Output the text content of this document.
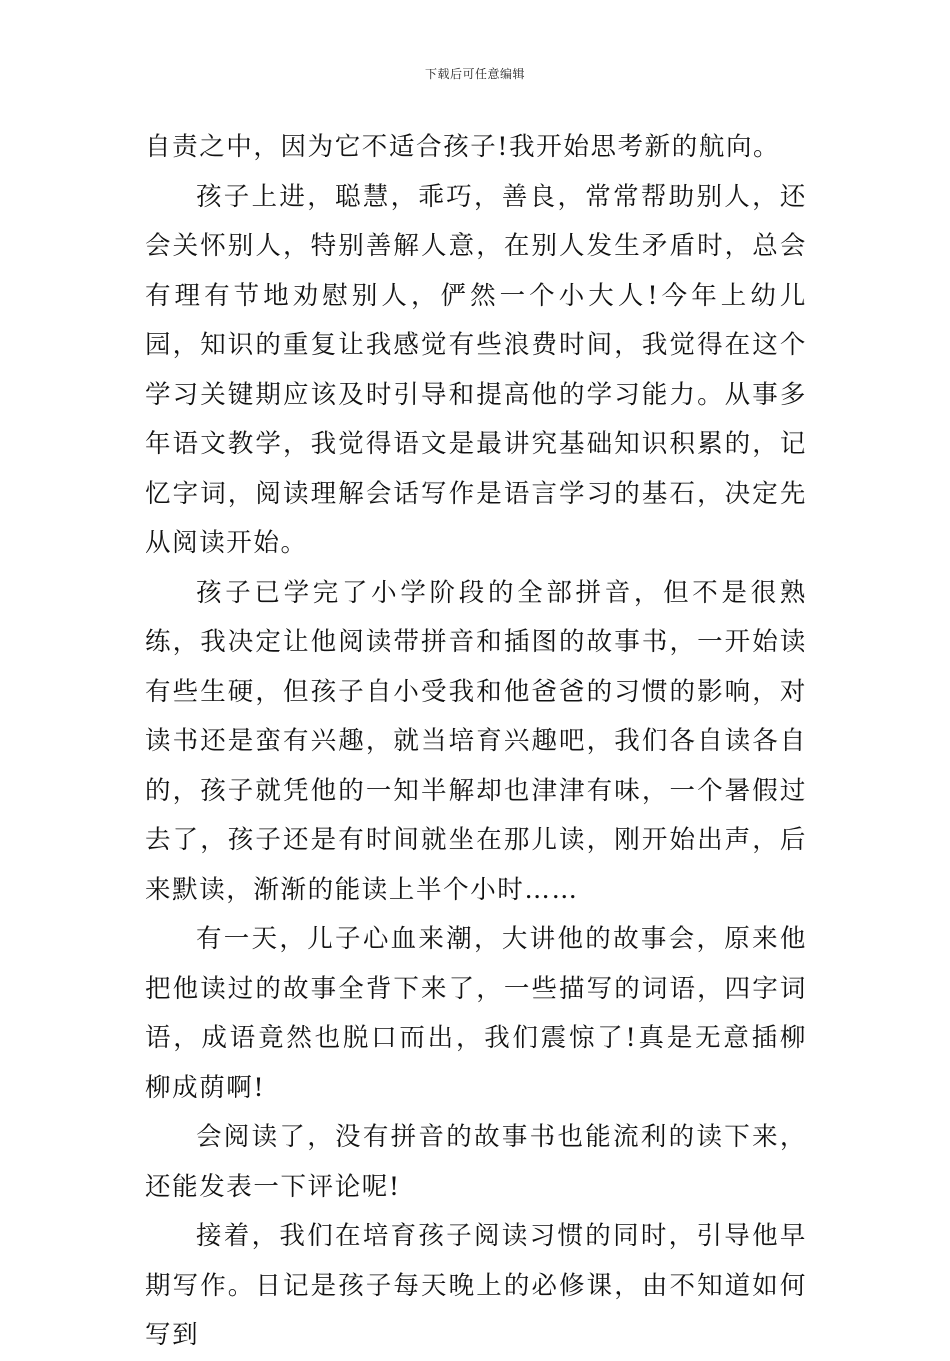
下载后可任意编辑

自责之中，因为它不适合孩子!我开始思考新的航向。

孩子上进，聪慧，乖巧，善良，常常帮助别人，还会关怀别人，特别善解人意，在别人发生矛盾时，总会有理有节地劝慰别人，俨然一个小大人!今年上幼儿园，知识的重复让我感觉有些浪费时间，我觉得在这个学习关键期应该及时引导和提高他的学习能力。从事多年语文教学，我觉得语文是最讲究基础知识积累的，记忆字词，阅读理解会话写作是语言学习的基石，决定先从阅读开始。

孩子已学完了小学阶段的全部拼音，但不是很熟练，我决定让他阅读带拼音和插图的故事书，一开始读有些生硬，但孩子自小受我和他爸爸的习惯的影响，对读书还是蛮有兴趣，就当培育兴趣吧，我们各自读各自的，孩子就凭他的一知半解却也津津有味，一个暑假过去了，孩子还是有时间就坐在那儿读，刚开始出声，后来默读，渐渐的能读上半个小时……

有一天，儿子心血来潮，大讲他的故事会，原来他把他读过的故事全背下来了，一些描写的词语，四字词语，成语竟然也脱口而出，我们震惊了!真是无意插柳柳成荫啊!

会阅读了，没有拼音的故事书也能流利的读下来，还能发表一下评论呢!

接着，我们在培育孩子阅读习惯的同时，引导他早期写作。日记是孩子每天晚上的必修课，由不知道如何写到
